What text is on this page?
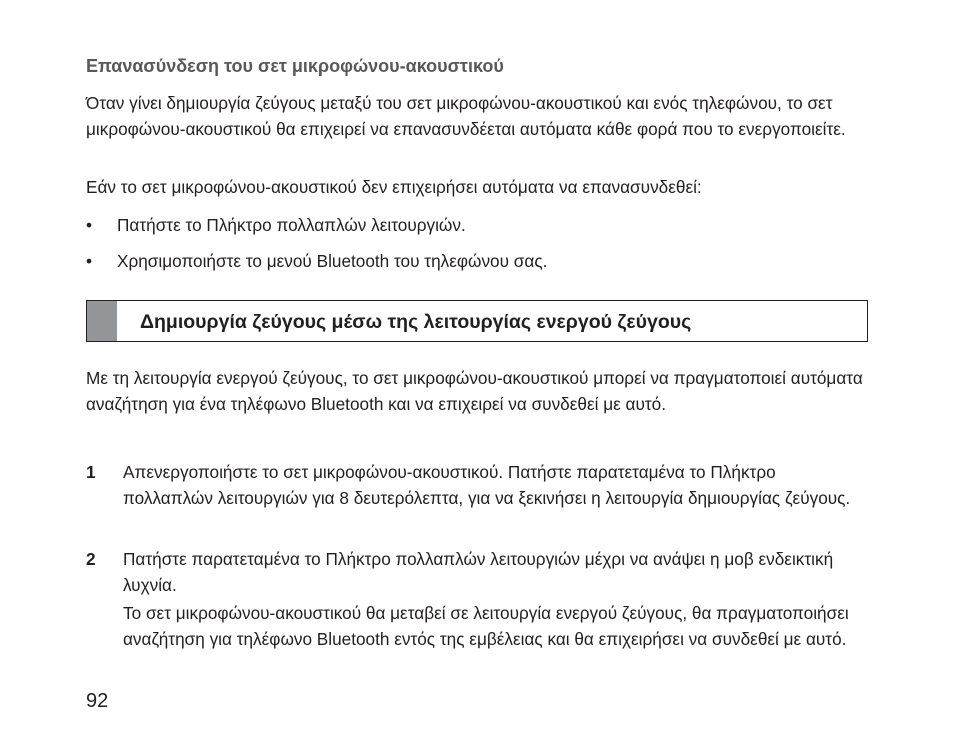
Επανασύνδεση του σετ μικροφώνου-ακουστικού

Όταν γίνει δημιουργία ζεύγους μεταξύ του σετ μικροφώνου-ακουστικού και ενός τηλεφώνου, το σετ μικροφώνου-ακουστικού θα επιχειρεί να επανασυνδέεται αυτόματα κάθε φορά που το ενεργοποιείτε.

Εάν το σετ μικροφώνου-ακουστικού δεν επιχειρήσει αυτόματα να επανασυνδεθεί:

• Πατήστε το Πλήκτρο πολλαπλών λειτουργιών.
• Χρησιμοποιήστε το μενού Bluetooth του τηλεφώνου σας.
Δημιουργία ζεύγους μέσω της λειτουργίας ενεργού ζεύγους

Με τη λειτουργία ενεργού ζεύγους, το σετ μικροφώνου-ακουστικού μπορεί να πραγματοποιεί αυτόματα αναζήτηση για ένα τηλέφωνο Bluetooth και να επιχειρεί να συνδεθεί με αυτό.

1 Απενεργοποιήστε το σετ μικροφώνου-ακουστικού. Πατήστε παρατεταμένα το Πλήκτρο πολλαπλών λειτουργιών για 8 δευτερόλεπτα, για να ξεκινήσει η λειτουργία δημιουργίας ζεύγους.
2 Πατήστε παρατεταμένα το Πλήκτρο πολλαπλών λειτουργιών μέχρι να ανάψει η μοβ ενδεικτική λυχνία.
Το σετ μικροφώνου-ακουστικού θα μεταβεί σε λειτουργία ενεργού ζεύγους, θα πραγματοποιήσει αναζήτηση για τηλέφωνο Bluetooth εντός της εμβέλειας και θα επιχειρήσει να συνδεθεί με αυτό.
92
